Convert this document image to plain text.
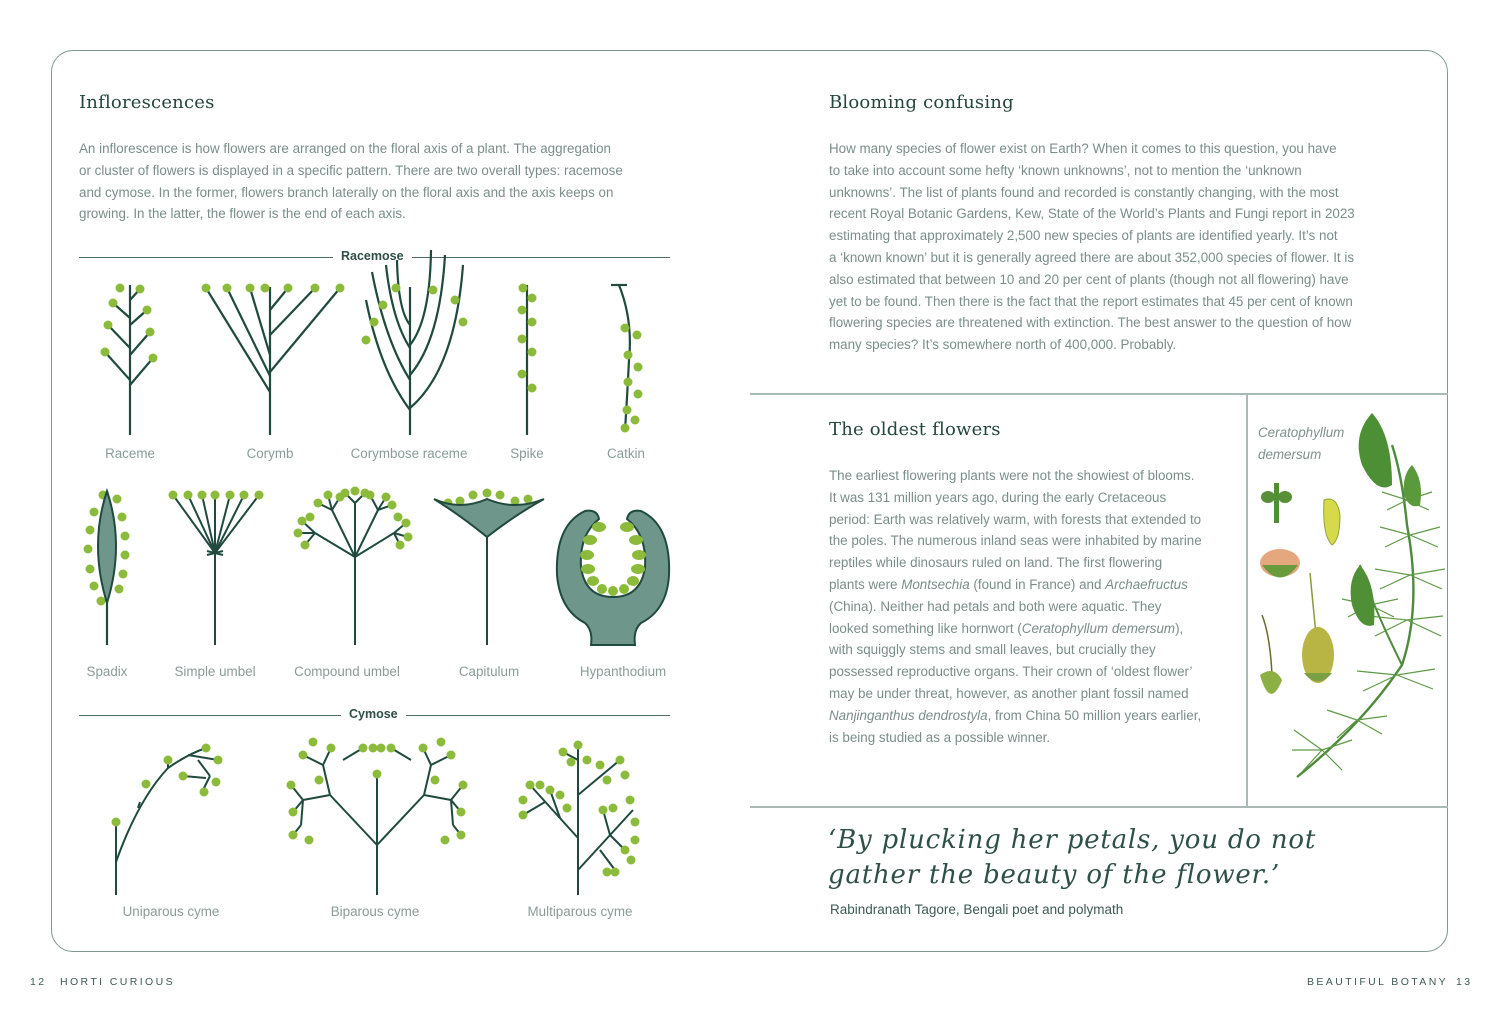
Inflorescences
An inflorescence is how flowers are arranged on the floral axis of a plant. The aggregation
or cluster of flowers is displayed in a specific pattern. There are two overall types: racemose
and cymose. In the former, flowers branch laterally on the floral axis and the axis keeps on
growing. In the latter, the flower is the end of each axis.
Racemose
Raceme	Corymb	Corymbose raceme	Spike	Catkin
Spadix	Simple umbel	Compound umbel	Capitulum	Hypanthodium
Cymose
Uniparous cyme	Biparous cyme	Multiparous cyme
Blooming confusing
How many species of flower exist on Earth? When it comes to this question, you have
to take into account some hefty ‘known unknowns’, not to mention the ‘unknown
unknowns’. The list of plants found and recorded is constantly changing, with the most
recent Royal Botanic Gardens, Kew, State of the World’s Plants and Fungi report in 2023
estimating that approximately 2,500 new species of plants are identified yearly. It’s not
a ‘known known’ but it is generally agreed there are about 352,000 species of flower. It is
also estimated that between 10 and 20 per cent of plants (though not all flowering) have
yet to be found. Then there is the fact that the report estimates that 45 per cent of known
flowering species are threatened with extinction. The best answer to the question of how
many species? It’s somewhere north of 400,000. Probably.
The oldest flowers
The earliest flowering plants were not the showiest of blooms.
It was 131 million years ago, during the early Cretaceous
period: Earth was relatively warm, with forests that extended to
the poles. The numerous inland seas were inhabited by marine
reptiles while dinosaurs ruled on land. The first flowering
plants were Montsechia (found in France) and Archaefructus
(China). Neither had petals and both were aquatic. They
looked something like hornwort (Ceratophyllum demersum),
with squiggly stems and small leaves, but crucially they
possessed reproductive organs. Their crown of ‘oldest flower’
may be under threat, however, as another plant fossil named
Nanjinganthus dendrostyla, from China 50 million years earlier,
is being studied as a possible winner.
Ceratophyllum
demersum
‘By plucking her petals, you do not
gather the beauty of the flower.’
Rabindranath Tagore, Bengali poet and polymath
12 HORTI CURIOUS	BEAUTIFUL BOTANY 13
